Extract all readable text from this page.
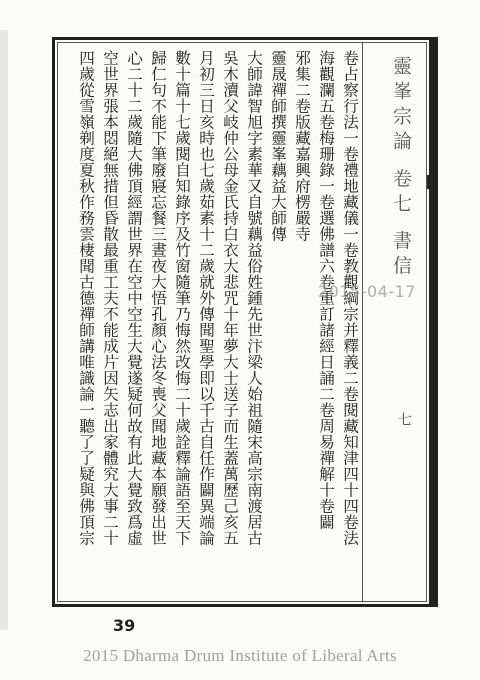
卷占察行法一卷禮地藏儀一卷教觀綱宗并釋義二卷閱藏知津四十四卷法
海觀瀾五卷梅珊錄一卷選佛譜六卷重訂諸經日誦二卷周易禪解十卷闢
邪集二卷版藏嘉興府楞嚴寺
靈晟禪師撰靈峯藕益大師傳
大師諱智旭字素華又自號藕益俗姓鍾先世汴梁人始祖隨宋高宗南渡居古
吳木瀆父岐仲公母金氏持白衣大悲咒十年夢大士送子而生蓋萬歷己亥五
月初三日亥時也七歲茹素十二歲就外傳聞聖學即以千古自任作闢異端論
數十篇十七歲閱自知錄序及竹窗隨筆乃悔然改悔二十歲詮釋論語至天下
歸仁句不能下筆廢寢忘餐三晝夜大悟孔顏心法冬喪父聞地藏本願發出世
心二十二歲隨大佛頂經謂世界在空中空生大覺遂疑何故有此大覺致爲虛
空世界張本悶絕無措但昏散最重工夫不能成片因矢志出家體究大事二十
四歲從雪嶺剃度夏秋作務雲棲聞古德禪師講唯識論一聽了了疑與佛頂宗	靈峯宗論 卷七 書信
七
2015-04-17
39
2015 Dharma Drum Institute of Liberal Arts
